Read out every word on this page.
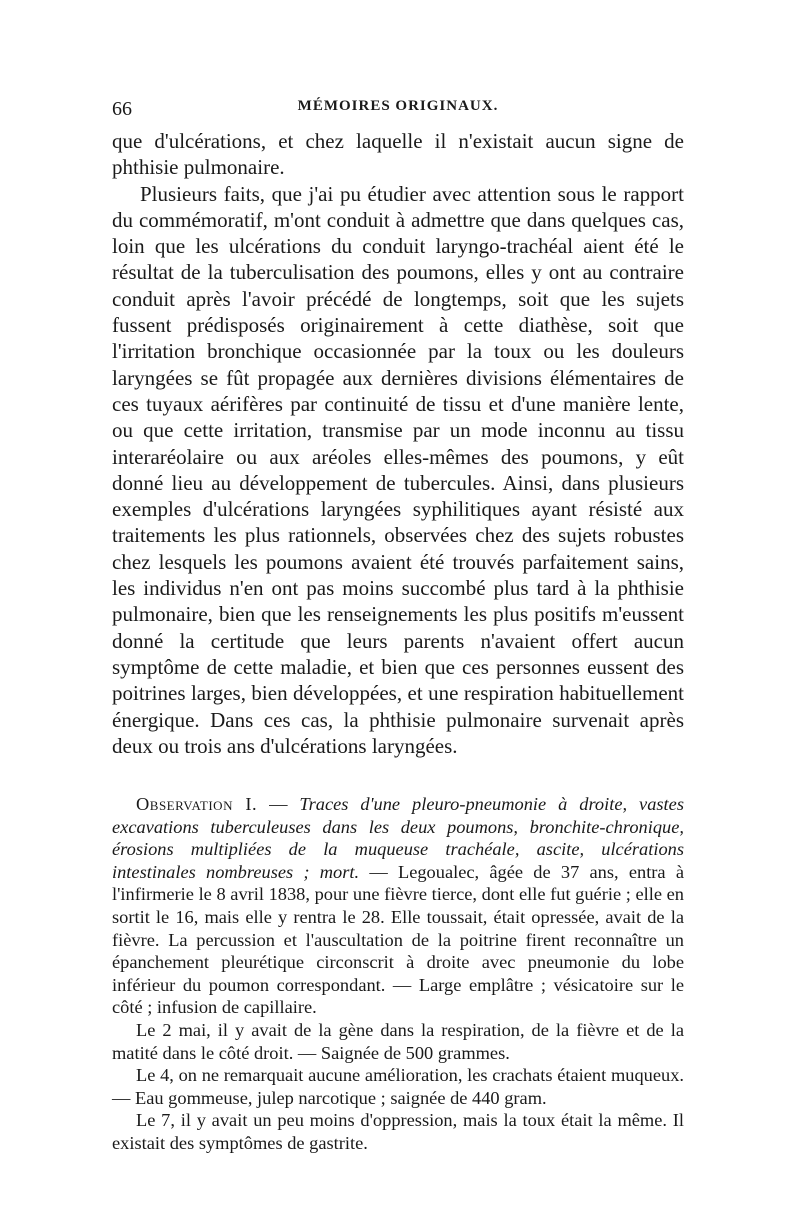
66	MÉMOIRES ORIGINAUX.

que d'ulcérations, et chez laquelle il n'existait aucun signe de phthisie pulmonaire.

Plusieurs faits, que j'ai pu étudier avec attention sous le rapport du commémoratif, m'ont conduit à admettre que dans quelques cas, loin que les ulcérations du conduit laryngo-trachéal aient été le résultat de la tuberculisation des poumons, elles y ont au contraire conduit après l'avoir précédé de longtemps, soit que les sujets fussent prédisposés originairement à cette diathèse, soit que l'irritation bronchique occasionnée par la toux ou les douleurs laryngées se fût propagée aux dernières divisions élémentaires de ces tuyaux aérifères par continuité de tissu et d'une manière lente, ou que cette irritation, transmise par un mode inconnu au tissu interaréolaire ou aux aréoles elles-mêmes des poumons, y eût donné lieu au développement de tubercules. Ainsi, dans plusieurs exemples d'ulcérations laryngées syphilitiques ayant résisté aux traitements les plus rationnels, observées chez des sujets robustes chez lesquels les poumons avaient été trouvés parfaitement sains, les individus n'en ont pas moins succombé plus tard à la phthisie pulmonaire, bien que les renseignements les plus positifs m'eussent donné la certitude que leurs parents n'avaient offert aucun symptôme de cette maladie, et bien que ces personnes eussent des poitrines larges, bien développées, et une respiration habituellement énergique. Dans ces cas, la phthisie pulmonaire survenait après deux ou trois ans d'ulcérations laryngées.

Observation I. — Traces d'une pleuro-pneumonie à droite, vastes excavations tuberculeuses dans les deux poumons, bronchite-chronique, érosions multipliées de la muqueuse trachéale, ascite, ulcérations intestinales nombreuses ; mort. — Legoualec, âgée de 37 ans, entra à l'infirmerie le 8 avril 1838, pour une fièvre tierce, dont elle fut guérie ; elle en sortit le 16, mais elle y rentra le 28. Elle toussait, était opressée, avait de la fièvre. La percussion et l'auscultation de la poitrine firent reconnaître un épanchement pleurétique circonscrit à droite avec pneumonie du lobe inférieur du poumon correspondant. — Large emplâtre ; vésicatoire sur le côté ; infusion de capillaire.

Le 2 mai, il y avait de la gène dans la respiration, de la fièvre et de la matité dans le côté droit. — Saignée de 500 grammes.

Le 4, on ne remarquait aucune amélioration, les crachats étaient muqueux. — Eau gommeuse, julep narcotique ; saignée de 440 gram.

Le 7, il y avait un peu moins d'oppression, mais la toux était la même. Il existait des symptômes de gastrite.
